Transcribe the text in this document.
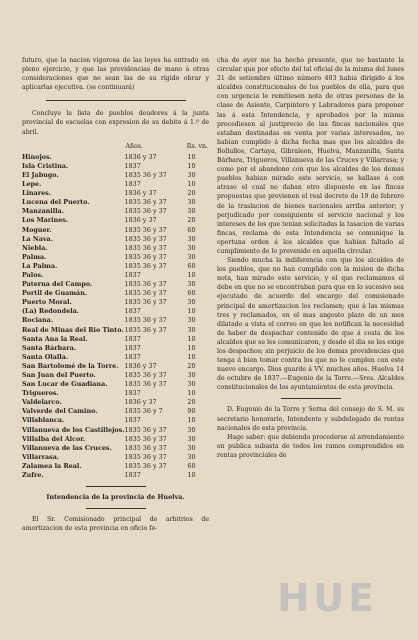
futuro, que la nacion vigorosa de las leyes ha entrado en pleno ejercicio, y que las providencias de mano á otras consideraciones que no sean las de su rígido obrar y aplicarlas ejecutiva. (se continuará)

Concluye la lista de pueblos deudores á la junta provincial de escuelas con expresion de su debito á 1.º de abril.

	Años.	Rs. vn.	
Hinojos.	1836 y 37	10	
Isla Cristina.	1837	10	
El Jabugo.	1835 36 y 37	30	
Lepe.	1837	10	
Linares.	1836 y 37	20	
Lucena del Puerto.	1835 36 y 37	30	
Manzanilla.	1835 36 y 37	30	
Los Marines.	1836 y 37	20	
Moguer.	1835 36 y 37	60	
La Nava.	1835 36 y 37	30	
Niebla.	1835 36 y 37	30	
Palma.	1835 36 y 37	30	
La Palma.	1835 36 y 37	60	
Palos.	1837	10	
Paterna del Campo.	1835 36 y 37	30	
Portil de Guamán.	1835 36 y 37	60	
Puerto Moral.	1835 36 y 37	30	
(La) Redondela.	1837	10	
Rociana.	1835 36 y 37	30	
Real de Minas del Rio Tinto.	1835 36 y 37	30	
Santa Ana la Real.	1837	10	
Santa Bárbara.	1837	10	
Santa Olalla.	1837	10	
San Bartolomé de la Torre.	1836 y 37	20	
San Juan del Puerto.	1835 36 y 37	30	
San Lucar de Guadiana.	1835 36 y 37	30	
Trigueros.	1837	10	
Valdelarco.	1836 y 37	20	
Valverde del Camino.	1835 36 y 7	90	
Villablanca.	1837	10	
Villanueva de los Castillejos.	1835 36 y 37	30	
Villalba del Alcor.	1835 36 y 37	30	
Villanueva de las Cruces.	1835 36 y 37	30	
Villarrasa.	1835 36 y 37	30	
Zalamea la Real.	1835 36 y 37	60	
Zufre.	1837	10	
Intendencia de la provincia de Huelva.

El Sr. Comisionado principal de arbitrios de amortizacion de esta provincia en oficio fe-

cha de ayer me ha hecho presente, que no bastante la circular que por efecto del tal oficial de la misma del lunes 21 de setiembre último número 403 habia dirigido á los alcaldes constitucionales de los pueblos de ella, para que con urgencia le remitiesen nota de otras personas de la clase de Asiente, Carpintero y Labradores para proponer las á esta Intendencia, y aprobados por la misma procediesen al justiprecio de las fincas nacionales que estaban destinadas en venta por varias interesados, no habian cumplido á dicha fecha mas que los alcaldes de Bollullos, Cartaya, Gibraleon, Huelva, Manzanilla, Santa Bárbara, Trigueros, Villanueva de las Cruces y Villarrasa; y como por el abandono con que los alcaldes de los demas pueblos habian mirado este servicio, se hallase á con atraso el cual no daban otro dispuesto en las fincas propuestas que previenen el real decreto de 19 de febrero de la traslacion de bienes nacionales arriba anterior; y perjudicado por consiguiente el servicio nacional y los intereses de los que tenian solicitadas la tasacion de varias fincas, reclama de esta Intendencia se comunique la oportuna orden á los alcaldes que habian faltado al cumplimiento de lo prevenido en aquella circular.

Siendo mucha la indiferencia con que los alcaldes de los pueblos, que no han cumplido con la mision de dicha nota, han mirado este servicio, y el que reclamamos el debe en que no se encontraban para que en lo sucesivo sea ejecutado de acuerdo del encargo del comisionado principal de amortizacion los reclamen; que á las mismas tres y reclamados, en el mas angosto plazo de un mes dilatado a vista el correo en que les notifican la necesidad de haber de despachar contenido de que á costa de los alcaldes que se les comunicaron, y desde el dia se les exige los despachos; sin perjuicio de los demas providencias que tenga á bien tomar contra los que no le cumplen con este nuevo encargo. Dios guarde á VV. muchos años. Huelva 14 de octubre de 1837.—Eugenio de la Torre.—Sres. Alcaldes constitucionales de los ayuntamientos de esta provincia.

D. Eugenio de la Torre y Serna del consejo de S. M. su secretario honorario, Intendente y subdelegado de rentas nacionales de esta provincia.

Hago saber: que debiendo procederse al arrendamiento en publica subasta de todos los ramos comprendidos en rentas provinciales de

HUE
